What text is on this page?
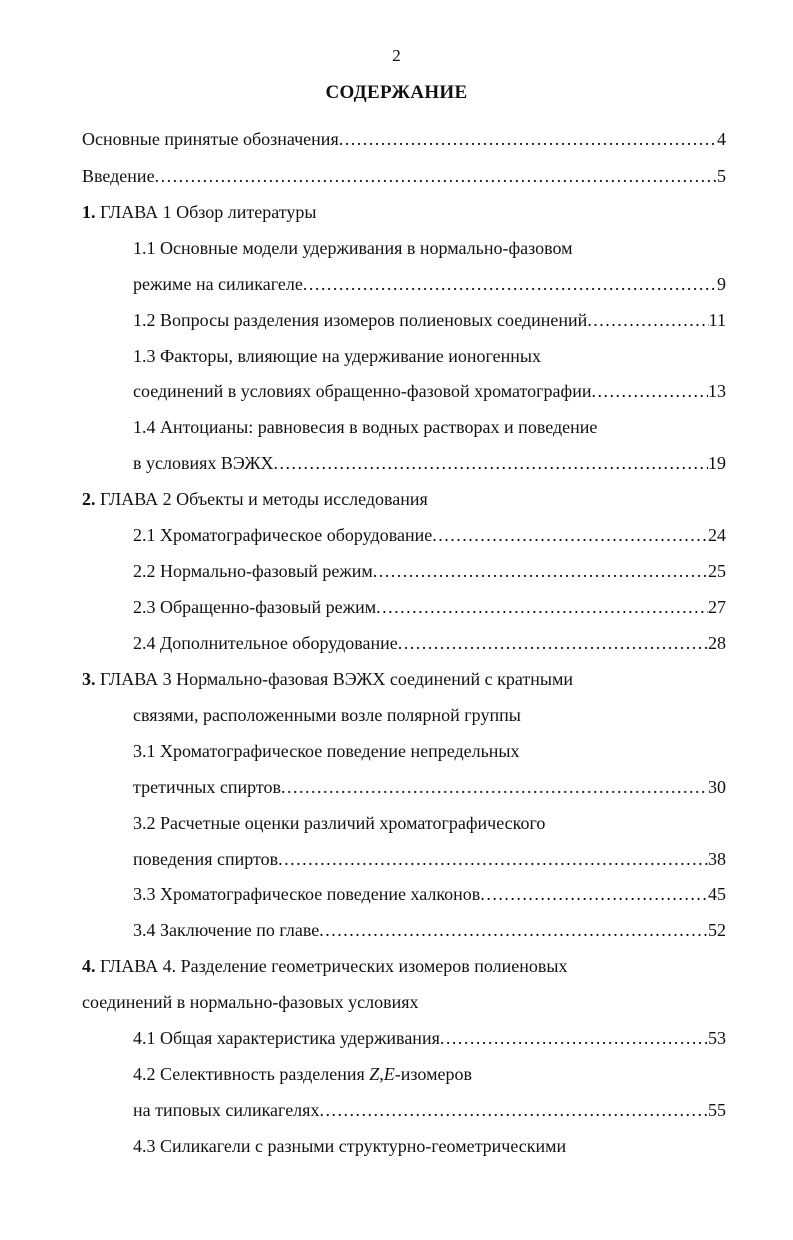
2
СОДЕРЖАНИЕ
Основные принятые обозначения .....	4
Введение .....	5
1. ГЛАВА 1 Обзор литературы
1.1 Основные модели удерживания в нормально-фазовом
режиме на силикагеле .....	9
1.2 Вопросы разделения изомеров полиеновых соединений .....	11
1.3 Факторы, влияющие на удерживание ионогенных
соединений в условиях обращенно-фазовой хроматографии .....	13
1.4 Антоцианы: равновесия в водных растворах и поведение
в условиях ВЭЖХ .....	19
2. ГЛАВА 2 Объекты и методы исследования
2.1 Хроматографическое оборудование .....	24
2.2 Нормально-фазовый режим .....	25
2.3 Обращенно-фазовый режим .....	27
2.4 Дополнительное оборудование .....	28
3. ГЛАВА 3 Нормально-фазовая ВЭЖХ соединений с кратными
связями, расположенными возле полярной группы
3.1 Хроматографическое поведение непредельных
третичных спиртов .....	30
3.2 Расчетные оценки различий хроматографического
поведения спиртов .....	38
3.3 Хроматографическое поведение халконов .....	45
3.4 Заключение по главе .....	52
4. ГЛАВА 4. Разделение геометрических изомеров полиеновых
соединений в нормально-фазовых условиях
4.1 Общая характеристика удерживания .....	53
4.2 Селективность разделения Z,E-изомеров
на типовых силикагелях .....	55
4.3 Силикагели с разными структурно-геометрическими
